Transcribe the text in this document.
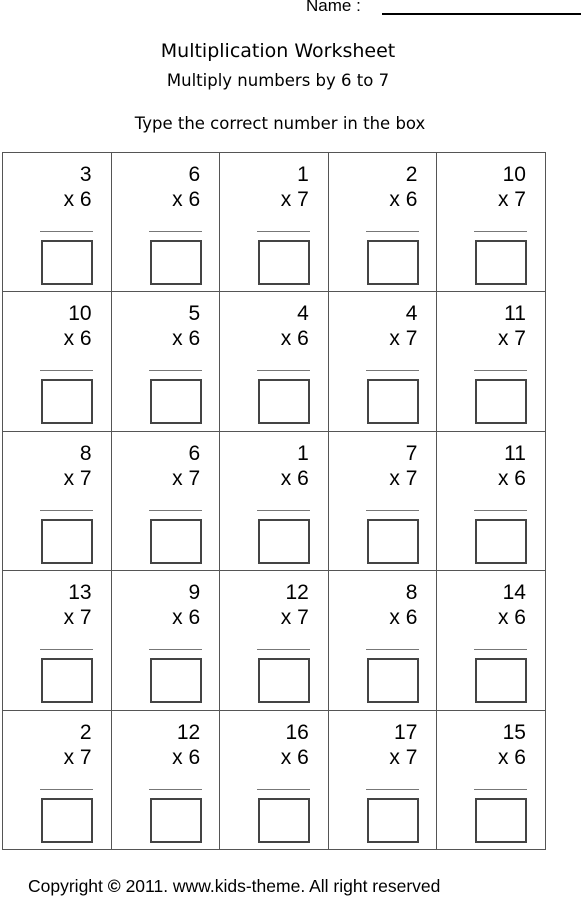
Name :
Multiplication Worksheet
Multiply numbers by 6 to 7
Type the correct number in the box
3
x 6
6
x 6
1
x 7
2
x 6
10
x 7
10
x 6
5
x 6
4
x 6
4
x 7
11
x 7
8
x 7
6
x 7
1
x 6
7
x 7
11
x 6
13
x 7
9
x 6
12
x 7
8
x 6
14
x 6
2
x 7
12
x 6
16
x 6
17
x 7
15
x 6
Copyright © 2011. www.kids-theme. All right reserved
